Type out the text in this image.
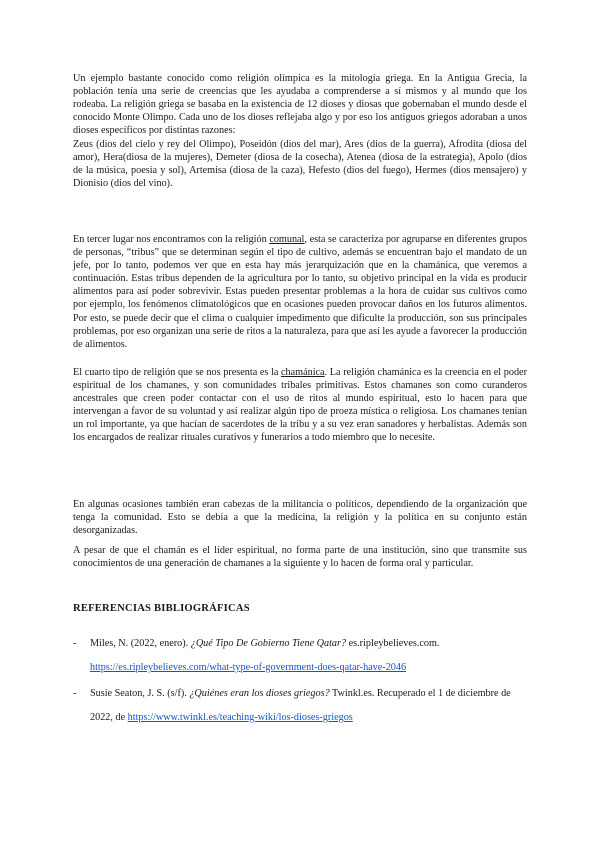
Un ejemplo bastante conocido como religión olímpica es la mitología griega. En la Antigua Grecia, la población tenía una serie de creencias que les ayudaba a comprenderse a sí mismos y al mundo que los rodeaba. La religión griega se basaba en la existencia de 12 dioses y diosas que gobernaban el mundo desde el conocido Monte Olimpo. Cada uno de los dioses reflejaba algo y por eso los antiguos griegos adoraban a unos dioses específicos por distintas razones:

Zeus (dios del cielo y rey del Olimpo), Poseidón (dios del mar), Ares (dios de la guerra), Afrodita (diosa del amor), Hera(diosa de la mujeres), Demeter (diosa de la cosecha), Atenea (diosa de la estrategia), Apolo (dios de la música, poesía y sol), Artemisa (diosa de la caza), Hefesto (dios del fuego), Hermes (dios mensajero) y Dionisio (dios del vino).

En tercer lugar nos encontramos con la religión comunal, esta se caracteriza por agruparse en diferentes grupos de personas, “tribus” que se determinan según el tipo de cultivo, además se encuentran bajo el mandato de un jefe, por lo tanto, podemos ver que en esta hay más jerarquización que en la chamánica, que veremos a continuación. Estas tribus dependen de la agricultura por lo tanto, su objetivo principal en la vida es producir alimentos para así poder sobrevivir. Estas pueden presentar problemas a la hora de cuidar sus cultivos como por ejemplo, los fenómenos climatológicos que en ocasiones pueden provocar daños en los futuros alimentos. Por esto, se puede decir que el clima o cualquier impedimento que dificulte la producción, son sus principales problemas, por eso organizan una serie de ritos a la naturaleza, para que así les ayude a favorecer la producción de alimentos.

El cuarto tipo de religión que se nos presenta es la chamánica. La religión chamánica es la creencia en el poder espiritual de los chamanes, y son comunidades tribales primitivas. Estos chamanes son como curanderos ancestrales que creen poder contactar con el uso de ritos al mundo espiritual, esto lo hacen para que intervengan a favor de su voluntad y así realizar algún tipo de proeza mística o religiosa. Los chamanes tenían un rol importante, ya que hacían de sacerdotes de la tribu y a su vez eran sanadores y herbalistas. Además son los encargados de realizar rituales curativos y funerarios a todo miembro que lo necesite.

En algunas ocasiones también eran cabezas de la militancia o políticos, dependiendo de la organización que tenga la comunidad. Esto se debía a que la medicina, la religión y la política en su conjunto están desorganizadas.

A pesar de que el chamán es el líder espiritual, no forma parte de una institución, sino que transmite sus conocimientos de una generación de chamanes a la siguiente y lo hacen de forma oral y particular.

REFERENCIAS BIBLIOGRÁFICAS
- Miles, N. (2022, enero). ¿Qué Tipo De Gobierno Tiene Qatar? es.ripleybelieves.com.
https://es.ripleybelieves.com/what-type-of-government-does-qatar-have-2046
- Susie Seaton, J. S. (s/f). ¿Quiénes eran los dioses griegos? Twinkl.es. Recuperado el 1 de diciembre de 2022, de https://www.twinkl.es/teaching-wiki/los-dioses-griegos
